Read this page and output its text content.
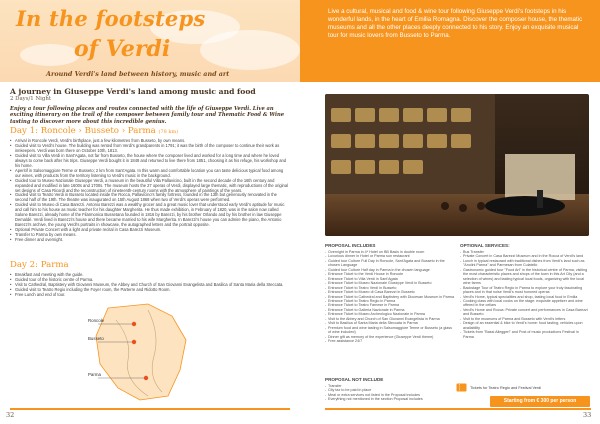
In the footsteps
of Verdi
Around Verdi's land between history, music and art
Live a cultural, musical and food & wine tour following Giuseppe Verdi's footsteps in his wonderful lands, in the heart of Emilia Romagna. Discover the composer house, the thematic museums and all the other places deeply connected to his story. Enjoy an exquisite musical tour for music lovers from Busseto to Parma.
A journey in Giuseppe Verdi's land among music and food
2 Days/1 Night
Enjoy a tour following places and routes connected with the life of Giuseppe Verdi. Live an exciting itinerary on the trail of the composer between family tour and Thematic Food & Wine tasting to discover more about this incredible genius.
Day 1: Roncole › Busseto › Parma (78 km)
• Arrival in Roncole Verdi, Verdi's birthplace, just a few kilometres from Busseto, by own means.
• Guided visit to Verdi's house. The building was rented from Verdi's grandparents in 1791; it was the birth of the composer to continue their work as innkeepers. Verdi was born there on October 10th, 1813.
• Guided visit to Villa Verdi in Sant'Agata, not far from Busseto, the house where the composer lived and worked for a long time and where he loved always to come back after his trips. Giuseppe Verdi bought it in 1848 and returned to live there from 1851, choosing it as his refuge, his workshop and his home.
• Aperitif in Salsomaggiore Terme or Busseto; 2 km from Sant'Agata. In this warm and comfortable location you can taste delicious typical food among our wines, with products from the territory listening to Verdi's music in the background.
• Guided tour to Museo Nazionale Giuseppe Verdi, a museum in the beautiful Villa Pallavicino, built in the second decade of the 16th century and expanded and modified in late 1600s and 1700s. The museum hosts the 27 operas of Verdi, displayed large thematic, with reproductions of the original set designs of Casa Ricordi and the reconstruction of nineteenth-century rooms with the atmosphere of paintings of the years.
• Guided visit to Teatro Verdi in Busseto located inside the Rocca, Pallavicino's family fortress, founded in the 13th but generously renovated in the second half of the 19th. The theatre was inaugurated on 15th August 1868 when two of Verdi's operas were performed.
• Guided visit to Museo di Casa Barezzi. Antonio Barezzi was a wealthy grocer and a great music lover that understood early Verdi's aptitude for music and call him to his house as music teacher for his daughter Margherita. He thus made exhibition, in February of 1820, was in the salon now called Salone Barezzi, already home of the Filarmonica Bussetana founded in 1816 by Barezzi, by his brother Orlando and by his brother in law Giuseppe Demaldè. Verdi lived in Barezzi's house and there became married to his wife Margherita. In Barezzi's house you can admire the piano, the Antonio Barezzi's archive, the young Verdi's portraits in showcase, the autographed letters and the portrait opposite.
• Optional Private Concert with a light and private recital in Casa Barezzi Museum.
• Transfer to Parma by own means.
• Free dinner and overnight.
Day 2: Parma
• Breakfast and meeting with the guide.
• Guided tour of the historic centre of Parma.
• Visit to Cathedral, Baptistery with Giovanni Museum, the Abbey and Church of San Giovanni Evangelista and Basilica of Santa Maria della Steccata.
• Guided visit to Teatro Regio including the Foyer room, the Parterre and Ridotto Room.
• Free Lunch and end of tour.
Roncole
Busseto
Parma
32
PROPOSAL INCLUDES
- Overnight in Parma in 4* Hotel on BB Basis in double room
- Luxurious dinner in Hotel or Parma sun restaurant
- Guided tour Culture Full Day in Roncole, Sant'Agata and Busseto in the chosen Language
- Guided tour Culture Half day in Parma in the chosen language
- Entrance Ticket to the Verdi House in Roncole
- Entrance Ticket to Villa Verdi in Sant'Agata
- Entrance Ticket to Museo Nazionale Giuseppe Verdi in Busseto
- Entrance Ticket to Teatro Verdi in Busseto
- Entrance Ticket to Museo di Casa Barezzi in Busseto
- Entrance Ticket to Cathedral and Baptistery with Diocesan Museum in Parma
- Entrance Ticket to Teatro Regio in Parma
- Entrance Ticket to Teatro Farnese in Parma
- Entrance Ticket to Galleria Nazionale in Parma
- Entrance Ticket to Museo Archeologico Nazionale in Parma
- Visit to the Abbey and Church of San Giovanni Evangelista in Parma
- Visit to Basilica of Santa Maria della Steccata in Parma
- Premium food and wine tasting in Salsomaggiore Terme or Busseto (a glass of wine included)
- Dinner gift as memory of the experience (Giuseppe Verdi theme)
- Free assistance 24/7
PROPOSAL NOT INCLUDE
- Transfer
- City tax to be paid in place
- Meal or extra services not listed in the Proposal includes
- Everything not mentioned in the section Proposal includes
OPTIONAL SERVICES:
- Bus Transfer
- Private Concert in Casa Barezzi Museum and in the Rocca of Verdi's land
- Lunch in typical restaurant with traditional dishes from Verdi's land such as "Anolini Parma" and Parmesan from Culatello
- Gastronomic guided tour "Food Art" in the historical centre of Parma, visiting the most characteristic places and shops of the town in this Art City (and a selection of wines) and tasting typical local foods, organizing with the local wine farms
- Backstage Tour of Teatro Regio in Parma to explore your truly fascinating places and in that noise Verdi's most honored operas
- Verdi's Home, typical specialities and shop, tasting local food in Emilia
- Cooking class with local cooks on the stage: exquisite appetizer and wine offered in the cellars
- Verdi's Home and Rocca: Private concert and performances in Casa Barezzi and Busseto
- Visit to the museums of Parma and Busseto with Verdi's letters
- Design of an essential & bike to Verdi's home: food tasting; vehicles upon availability
- Tickets from "Bassi Alleggeri" and Post of music productions Festival in Parma
Tickets for Teatro Regio and Festival Verdi
Starting from € 300 per person
33
